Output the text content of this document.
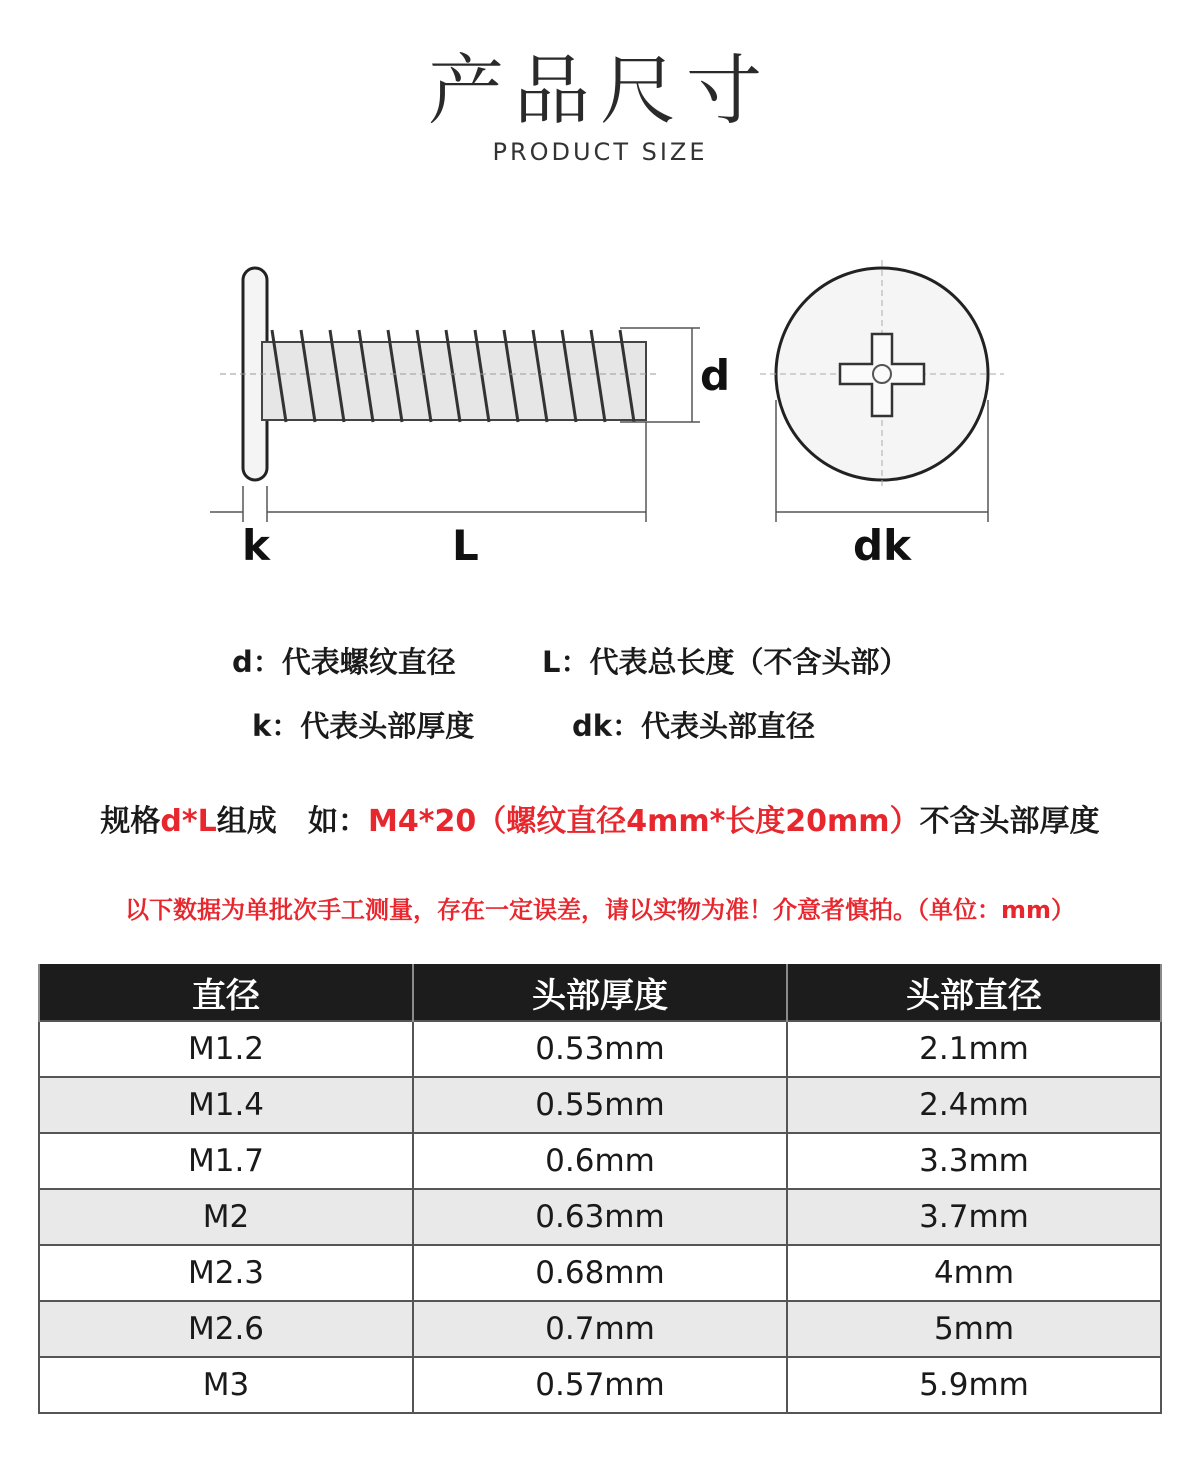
产品尺寸
PRODUCT SIZE
d
k	L	dk
d：代表螺纹直径	L：代表总长度（不含头部）
k：代表头部厚度	dk：代表头部直径
规格d*L组成 如：M4*20（螺纹直径4mm*长度20mm）不含头部厚度
以下数据为单批次手工测量，存在一定误差，请以实物为准！介意者慎拍。（单位：mm）
直径	头部厚度	头部直径
M1.2	0.53mm	2.1mm
M1.4	0.55mm	2.4mm
M1.7	0.6mm	3.3mm
M2	0.63mm	3.7mm
M2.3	0.68mm	4mm
M2.6	0.7mm	5mm
M3	0.57mm	5.9mm
